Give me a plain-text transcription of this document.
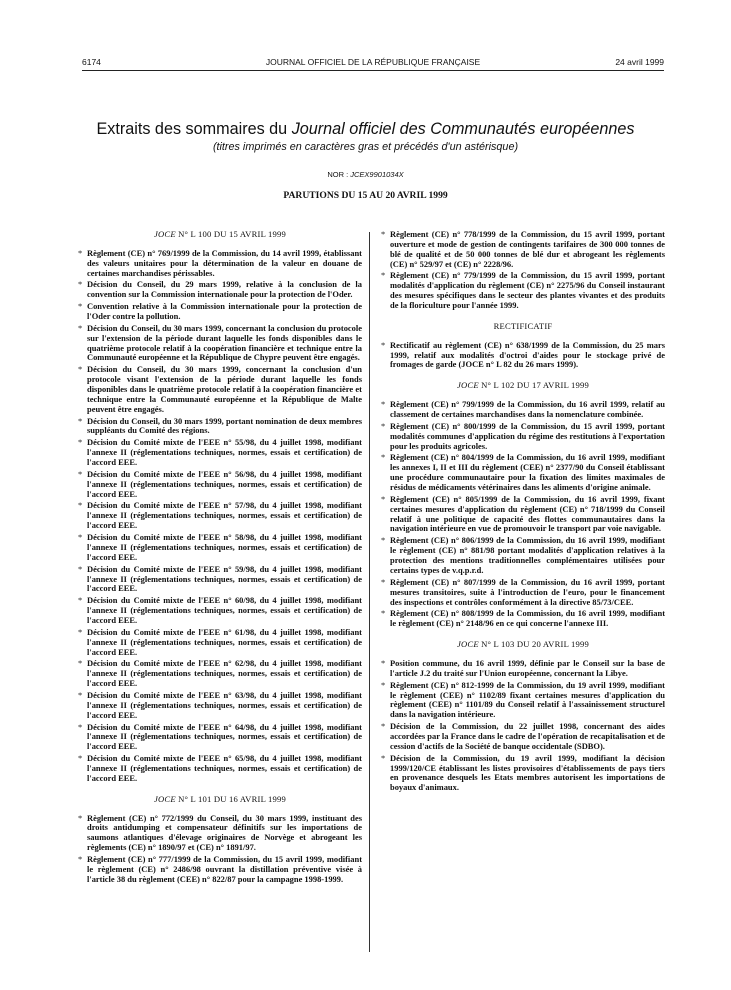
6174	JOURNAL OFFICIEL DE LA RÉPUBLIQUE FRANÇAISE	24 avril 1999
Extraits des sommaires du Journal officiel des Communautés européennes
(titres imprimés en caractères gras et précédés d'un astérisque)
NOR : JCEX9901034X
PARUTIONS DU 15 AU 20 AVRIL 1999
JOCE N° L 100 DU 15 AVRIL 1999
* Règlement (CE) n° 769/1999 de la Commission, du 14 avril 1999, établissant des valeurs unitaires pour la détermination de la valeur en douane de certaines marchandises périssables.
* Décision du Conseil, du 29 mars 1999, relative à la conclusion de la convention sur la Commission internationale pour la protection de l'Oder.
* Convention relative à la Commission internationale pour la protection de l'Oder contre la pollution.
* Décision du Conseil, du 30 mars 1999, concernant la conclusion du protocole sur l'extension de la période durant laquelle les fonds disponibles dans le quatrième protocole relatif à la coopération financière et technique entre la Communauté européenne et la République de Chypre peuvent être engagés.
* Décision du Conseil, du 30 mars 1999, concernant la conclusion d'un protocole visant l'extension de la période durant laquelle les fonds disponibles dans le quatrième protocole relatif à la coopération financière et technique entre la Communauté européenne et la République de Malte peuvent être engagés.
* Décision du Conseil, du 30 mars 1999, portant nomination de deux membres suppléants du Comité des régions.
* Décision du Comité mixte de l'EEE n° 55/98, du 4 juillet 1998, modifiant l'annexe II (réglementations techniques, normes, essais et certification) de l'accord EEE.
* Décision du Comité mixte de l'EEE n° 56/98, du 4 juillet 1998, modifiant l'annexe II (réglementations techniques, normes, essais et certification) de l'accord EEE.
* Décision du Comité mixte de l'EEE n° 57/98, du 4 juillet 1998, modifiant l'annexe II (réglementations techniques, normes, essais et certification) de l'accord EEE.
* Décision du Comité mixte de l'EEE n° 58/98, du 4 juillet 1998, modifiant l'annexe II (réglementations techniques, normes, essais et certification) de l'accord EEE.
* Décision du Comité mixte de l'EEE n° 59/98, du 4 juillet 1998, modifiant l'annexe II (réglementations techniques, normes, essais et certification) de l'accord EEE.
* Décision du Comité mixte de l'EEE n° 60/98, du 4 juillet 1998, modifiant l'annexe II (réglementations techniques, normes, essais et certification) de l'accord EEE.
* Décision du Comité mixte de l'EEE n° 61/98, du 4 juillet 1998, modifiant l'annexe II (réglementations techniques, normes, essais et certification) de l'accord EEE.
* Décision du Comité mixte de l'EEE n° 62/98, du 4 juillet 1998, modifiant l'annexe II (réglementations techniques, normes, essais et certification) de l'accord EEE.
* Décision du Comité mixte de l'EEE n° 63/98, du 4 juillet 1998, modifiant l'annexe II (réglementations techniques, normes, essais et certification) de l'accord EEE.
* Décision du Comité mixte de l'EEE n° 64/98, du 4 juillet 1998, modifiant l'annexe II (réglementations techniques, normes, essais et certification) de l'accord EEE.
* Décision du Comité mixte de l'EEE n° 65/98, du 4 juillet 1998, modifiant l'annexe II (réglementations techniques, normes, essais et certification) de l'accord EEE.
JOCE N° L 101 DU 16 AVRIL 1999
* Règlement (CE) n° 772/1999 du Conseil, du 30 mars 1999, instituant des droits antidumping et compensateur définitifs sur les importations de saumons atlantiques d'élevage originaires de Norvège et abrogeant les règlements (CE) n° 1890/97 et (CE) n° 1891/97.
* Règlement (CE) n° 777/1999 de la Commission, du 15 avril 1999, modifiant le règlement (CE) n° 2486/98 ouvrant la distillation préventive visée à l'article 38 du règlement (CEE) n° 822/87 pour la campagne 1998-1999.
* Règlement (CE) n° 778/1999 de la Commission, du 15 avril 1999, portant ouverture et mode de gestion de contingents tarifaires de 300 000 tonnes de blé de qualité et de 50 000 tonnes de blé dur et abrogeant les règlements (CE) n° 529/97 et (CE) n° 2228/96.
* Règlement (CE) n° 779/1999 de la Commission, du 15 avril 1999, portant modalités d'application du règlement (CE) n° 2275/96 du Conseil instaurant des mesures spécifiques dans le secteur des plantes vivantes et des produits de la floriculture pour l'année 1999.
RECTIFICATIF
* Rectificatif au règlement (CE) n° 638/1999 de la Commission, du 25 mars 1999, relatif aux modalités d'octroi d'aides pour le stockage privé de fromages de garde (JOCE n° L 82 du 26 mars 1999).
JOCE N° L 102 DU 17 AVRIL 1999
* Règlement (CE) n° 799/1999 de la Commission, du 16 avril 1999, relatif au classement de certaines marchandises dans la nomenclature combinée.
* Règlement (CE) n° 800/1999 de la Commission, du 15 avril 1999, portant modalités communes d'application du régime des restitutions à l'exportation pour les produits agricoles.
* Règlement (CE) n° 804/1999 de la Commission, du 16 avril 1999, modifiant les annexes I, II et III du règlement (CEE) n° 2377/90 du Conseil établissant une procédure communautaire pour la fixation des limites maximales de résidus de médicaments vétérinaires dans les aliments d'origine animale.
* Règlement (CE) n° 805/1999 de la Commission, du 16 avril 1999, fixant certaines mesures d'application du règlement (CE) n° 718/1999 du Conseil relatif à une politique de capacité des flottes communautaires dans la navigation intérieure en vue de promouvoir le transport par voie navigable.
* Règlement (CE) n° 806/1999 de la Commission, du 16 avril 1999, modifiant le règlement (CE) n° 881/98 portant modalités d'application relatives à la protection des mentions traditionnelles complémentaires utilisées pour certains types de v.q.p.r.d.
* Règlement (CE) n° 807/1999 de la Commission, du 16 avril 1999, portant mesures transitoires, suite à l'introduction de l'euro, pour le financement des inspections et contrôles conformément à la directive 85/73/CEE.
* Règlement (CE) n° 808/1999 de la Commission, du 16 avril 1999, modifiant le règlement (CE) n° 2148/96 en ce qui concerne l'annexe III.
JOCE N° L 103 DU 20 AVRIL 1999
* Position commune, du 16 avril 1999, définie par le Conseil sur la base de l'article J.2 du traité sur l'Union européenne, concernant la Libye.
* Règlement (CE) n° 812-1999 de la Commission, du 19 avril 1999, modifiant le règlement (CEE) n° 1102/89 fixant certaines mesures d'application du règlement (CEE) n° 1101/89 du Conseil relatif à l'assainissement structurel dans la navigation intérieure.
* Décision de la Commission, du 22 juillet 1998, concernant des aides accordées par la France dans le cadre de l'opération de recapitalisation et de cession d'actifs de la Société de banque occidentale (SDBO).
* Décision de la Commission, du 19 avril 1999, modifiant la décision 1999/120/CE établissant les listes provisoires d'établissements de pays tiers en provenance desquels les Etats membres autorisent les importations de boyaux d'animaux.
